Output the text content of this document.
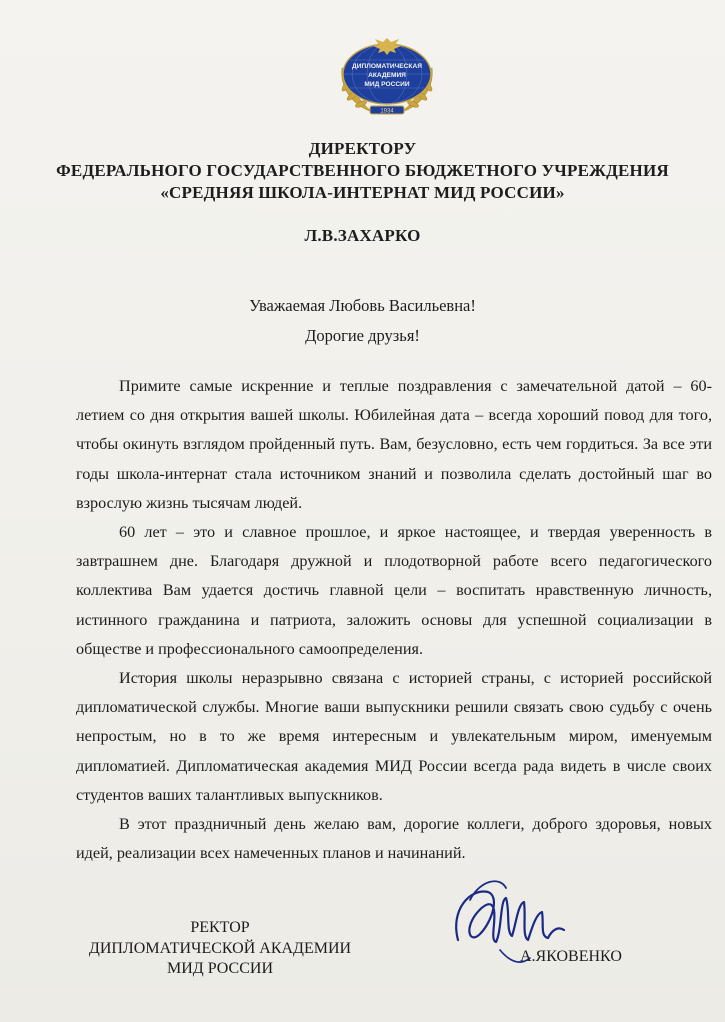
1934
ДИПЛОМАТИЧЕСКАЯ
АКАДЕМИЯ
МИД РОССИИ
ДИРЕКТОРУ
ФЕДЕРАЛЬНОГО ГОСУДАРСТВЕННОГО БЮДЖЕТНОГО УЧРЕЖДЕНИЯ
«СРЕДНЯЯ ШКОЛА-ИНТЕРНАТ МИД РОССИИ»
Л.В.ЗАХАРКО
Уважаемая Любовь Васильевна!
Дорогие друзья!

Примите самые искренние и теплые поздравления с замечательной датой – 60-летием со дня открытия вашей школы. Юбилейная дата – всегда хороший повод для того, чтобы окинуть взглядом пройденный путь. Вам, безусловно, есть чем гордиться. За все эти годы школа-интернат стала источником знаний и позволила сделать достойный шаг во взрослую жизнь тысячам людей.

60 лет – это и славное прошлое, и яркое настоящее, и твердая уверенность в завтрашнем дне. Благодаря дружной и плодотворной работе всего педагогического коллектива Вам удается достичь главной цели – воспитать нравственную личность, истинного гражданина и патриота, заложить основы для успешной социализации в обществе и профессионального самоопределения.

История школы неразрывно связана с историей страны, с историей российской дипломатической службы. Многие ваши выпускники решили связать свою судьбу с очень непростым, но в то же время интересным и увлекательным миром, именуемым дипломатией. Дипломатическая академия МИД России всегда рада видеть в числе своих студентов ваших талантливых выпускников.

В этот праздничный день желаю вам, дорогие коллеги, доброго здоровья, новых идей, реализации всех намеченных планов и начинаний.

РЕКТОР
ДИПЛОМАТИЧЕСКОЙ АКАДЕМИИ
МИД РОССИИ
А.ЯКОВЕНКО
